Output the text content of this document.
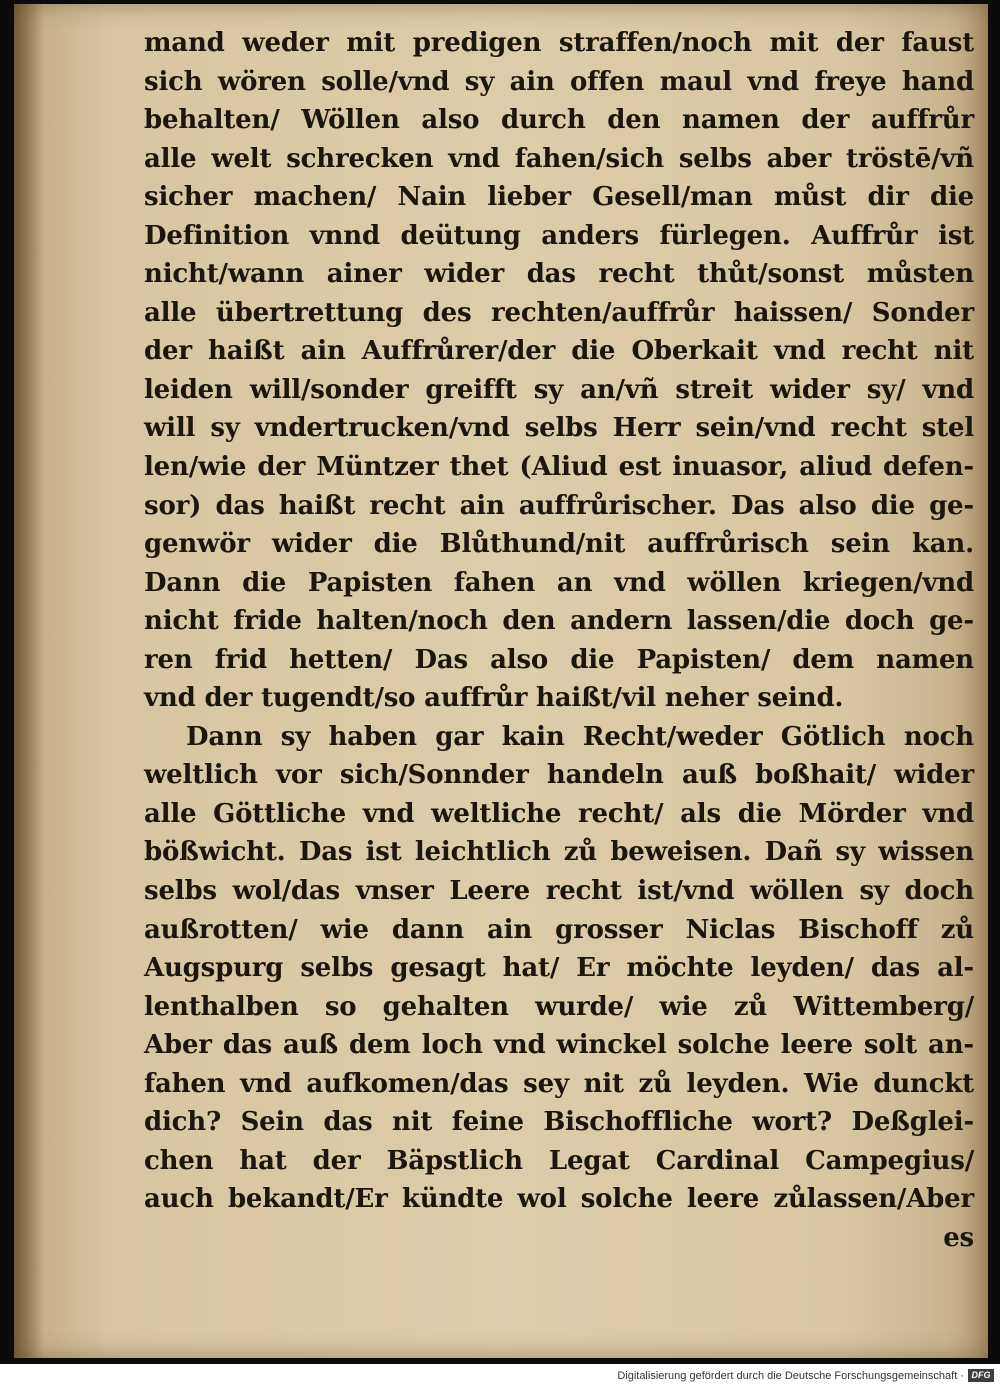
mand weder mit predigen straffen/noch mit der faust
sich wören solle/vnd sy ain offen maul vnd freye hand
behalten/ Wöllen also durch den namen der auffrůr
alle welt schrecken vnd fahen/sich selbs aber tröstē/vñ
sicher machen/ Nain lieber Gesell/man můst dir die
Definition vnnd deütung anders fürlegen. Auffrůr ist
nicht/wann ainer wider das recht thůt/sonst můsten
alle übertrettung des rechten/auffrůr haissen/ Sonder
der haißt ain Auffrůrer/der die Oberkait vnd recht nit
leiden will/sonder greifft sy an/vñ streit wider sy/ vnd
will sy vndertrucken/vnd selbs Herr sein/vnd recht stel
len/wie der Müntzer thet (Aliud est inuasor, aliud defen-
sor) das haißt recht ain auffrůrischer. Das also die ge-
genwör wider die Blůthund/nit auffrůrisch sein kan.
Dann die Papisten fahen an vnd wöllen kriegen/vnd
nicht fride halten/noch den andern lassen/die doch ge-
ren frid hetten/ Das also die Papisten/ dem namen
vnd der tugendt/so auffrůr haißt/vil neher seind.
Dann sy haben gar kain Recht/weder Götlich noch
weltlich vor sich/Sonnder handeln auß boßhait/ wider
alle Göttliche vnd weltliche recht/ als die Mörder vnd
bößwicht. Das ist leichtlich zů beweisen. Dañ sy wissen
selbs wol/das vnser Leere recht ist/vnd wöllen sy doch
außrotten/ wie dann ain grosser Niclas Bischoff zů
Augspurg selbs gesagt hat/ Er möchte leyden/ das al-
lenthalben so gehalten wurde/ wie zů Wittemberg/
Aber das auß dem loch vnd winckel solche leere solt an-
fahen vnd aufkomen/das sey nit zů leyden. Wie dunckt
dich? Sein das nit feine Bischoffliche wort? Deßglei-
chen hat der Bäpstlich Legat Cardinal Campegius/
auch bekandt/Er kündte wol solche leere zůlassen/Aber
es
Digitalisierung gefördert durch die Deutsche Forschungsgemeinschaft · DFG
